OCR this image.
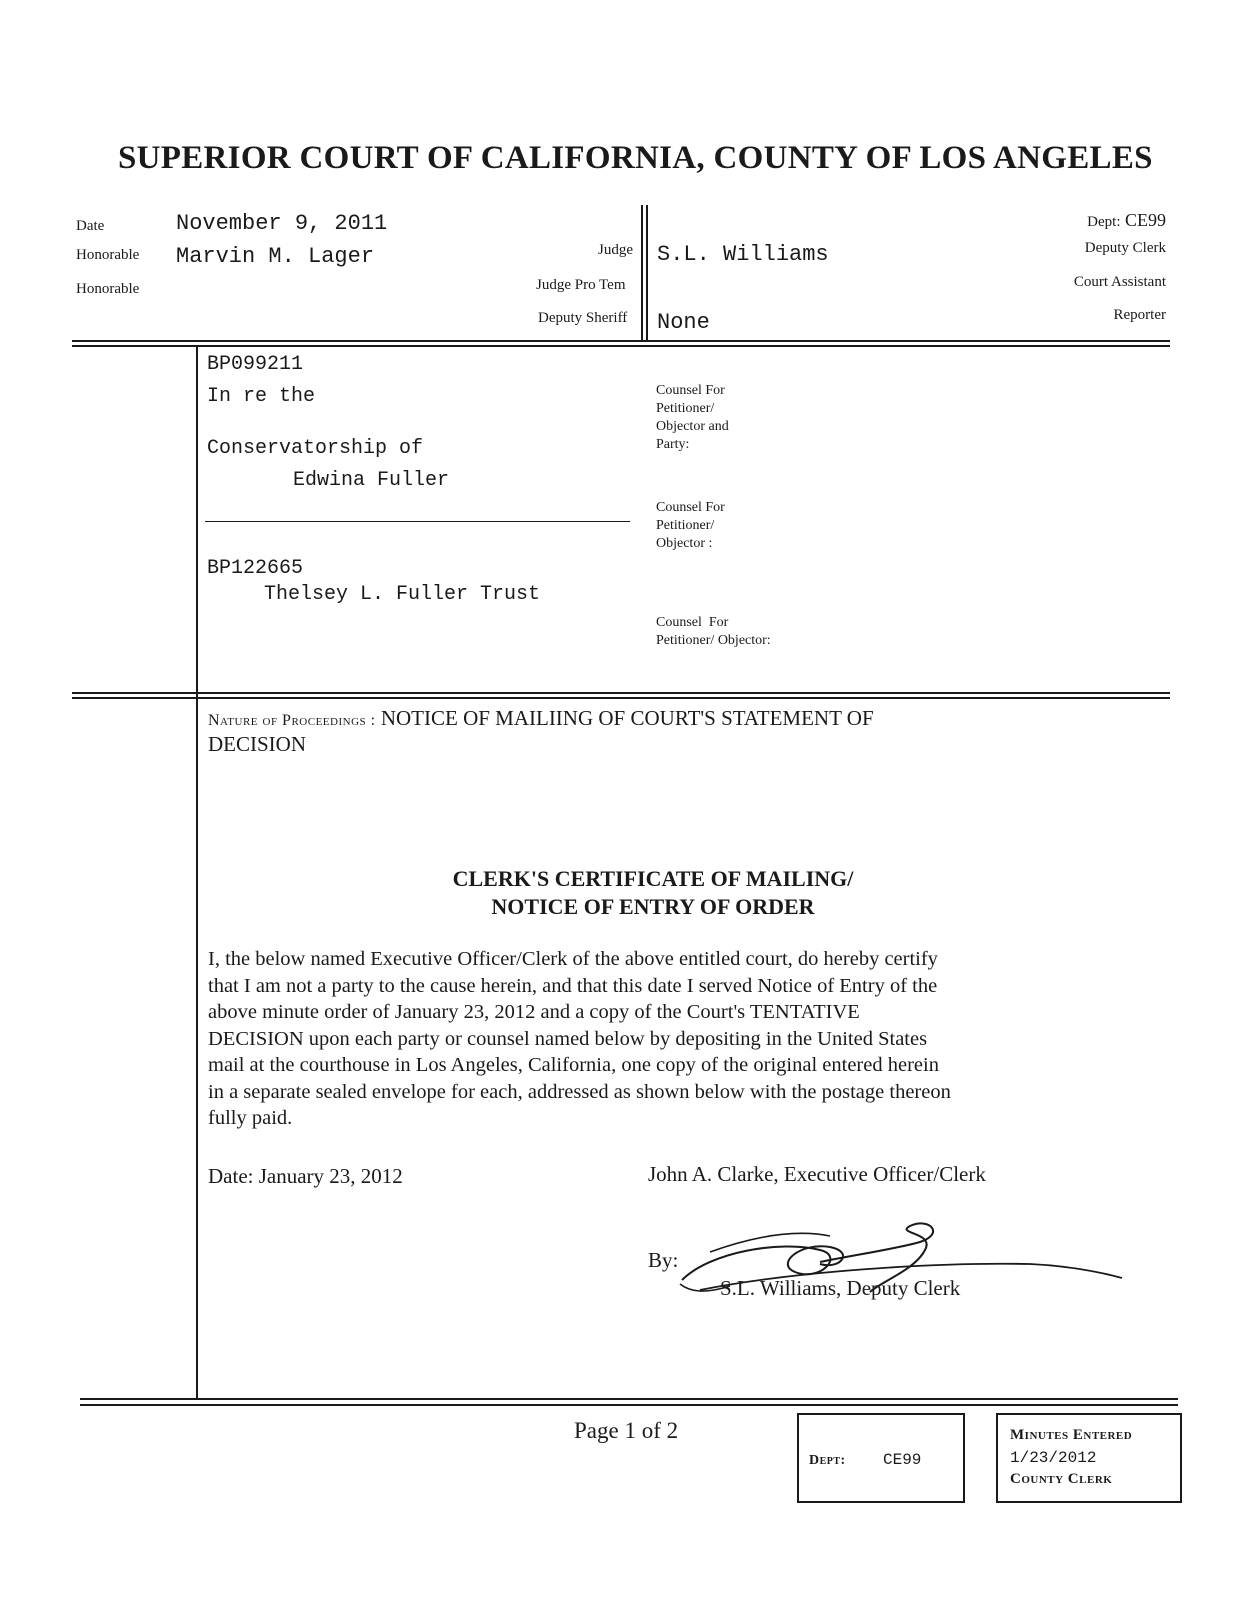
SUPERIOR COURT OF CALIFORNIA, COUNTY OF LOS ANGELES
Date	November 9, 2011
Honorable Marvin M. Lager
Honorable
Judge
Judge Pro Tem
Deputy Sheriff
S.L. Williams
None
Dept: CE99
Deputy Clerk
Court Assistant
Reporter
BP099211
In re the
Conservatorship of
Edwina Fuller
BP122665
Thelsey L. Fuller Trust
Counsel For
Petitioner/
Objector and
Party:
Counsel For
Petitioner/
Objector :
Counsel  For
Petitioner/ Objector:
Nature of Proceedings : NOTICE OF MAILIING OF COURT'S STATEMENT OF
DECISION
CLERK'S CERTIFICATE OF MAILING/
NOTICE OF ENTRY OF ORDER
I, the below named Executive Officer/Clerk of the above entitled court, do hereby certify
that I am not a party to the cause herein, and that this date I served Notice of Entry of the
above minute order of January 23, 2012 and a copy of the Court's TENTATIVE
DECISION upon each party or counsel named below by depositing in the United States
mail at the courthouse in Los Angeles, California, one copy of the original entered herein
in a separate sealed envelope for each, addressed as shown below with the postage thereon
fully paid.
Date: January 23, 2012	John A. Clarke, Executive Officer/Clerk
By:
S.L. Williams, Deputy Clerk
Page 1 of 2
Dept: CE99
Minutes Entered
1/23/2012
County Clerk
